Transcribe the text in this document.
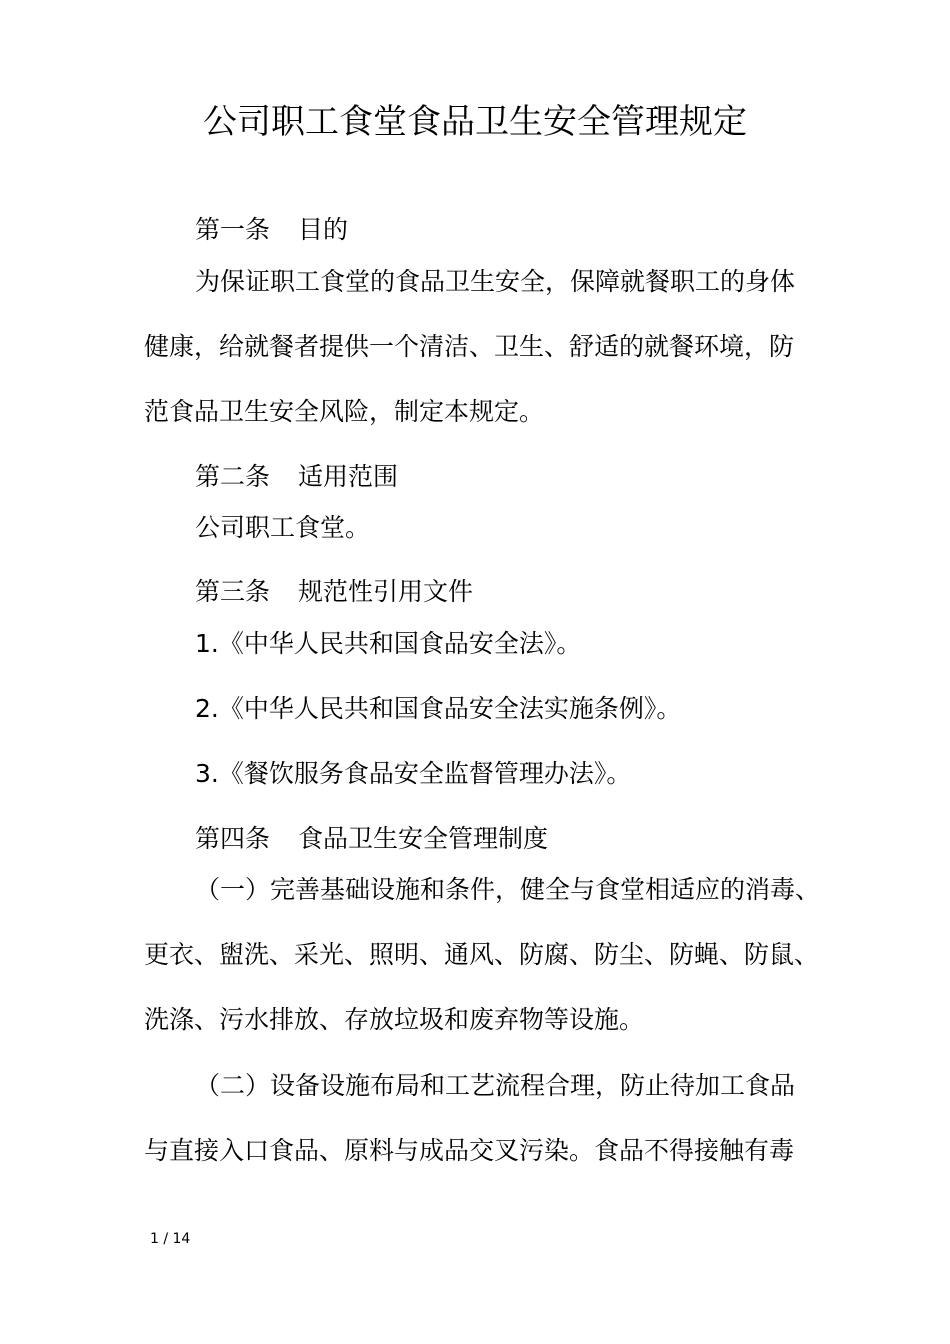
公司职工食堂食品卫生安全管理规定
第一条 目的
为保证职工食堂的食品卫生安全，保障就餐职工的身体
健康，给就餐者提供一个清洁、卫生、舒适的就餐环境，防
范食品卫生安全风险，制定本规定。
第二条 适用范围
公司职工食堂。
第三条 规范性引用文件
1.《中华人民共和国食品安全法》。
2.《中华人民共和国食品安全法实施条例》。
3.《餐饮服务食品安全监督管理办法》。
第四条 食品卫生安全管理制度
（一）完善基础设施和条件，健全与食堂相适应的消毒、
更衣、盥洗、采光、照明、通风、防腐、防尘、防蝇、防鼠、
洗涤、污水排放、存放垃圾和废弃物等设施。
（二）设备设施布局和工艺流程合理，防止待加工食品
与直接入口食品、原料与成品交叉污染。食品不得接触有毒
1 / 14
